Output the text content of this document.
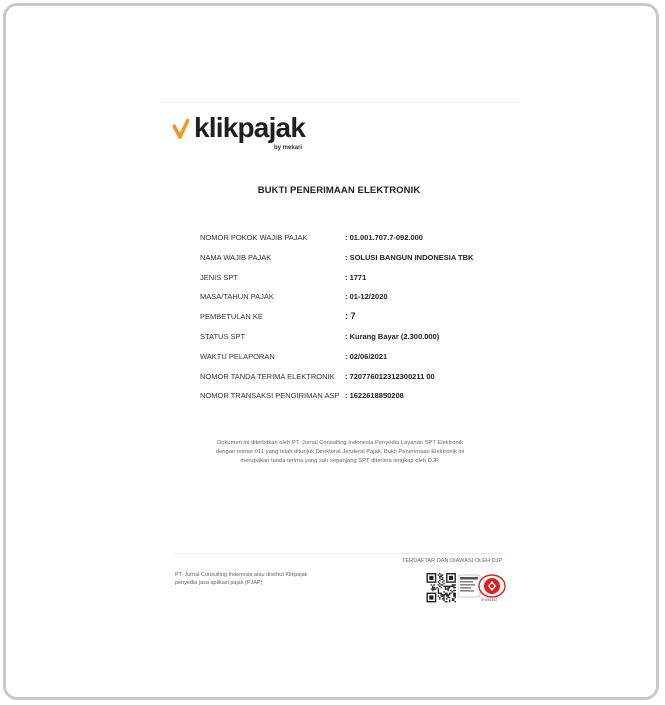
klikpajak
by mekari
BUKTI PENERIMAAN ELEKTRONIK
NOMOR POKOK WAJIB PAJAK	: 01.001.707.7-092.000
NAMA WAJIB PAJAK	: SOLUSI BANGUN INDONESIA TBK
JENIS SPT	: 1771
MASA/TAHUN PAJAK	: 01-12/2020
PEMBETULAN KE	: 7
STATUS SPT	: Kurang Bayar (2.300.000)
WAKTU PELAPORAN	: 02/06/2021
NOMOR TANDA TERIMA ELEKTRONIK : 720776012312300211 00
NOMOR TRANSAKSI PENGIRIMAN ASP : 1622618850208
Dokumen ini diterbitkan oleh PT. Jurnal Consulting Indonesia Penyedia Layanan SPT Elektronik
dengan nomor 011 yang telah ditunjuk Direktorat Jenderal Pajak. Bukti Penerimaan Elektronik ini
merupakan tanda terima yang sah sepanjang SPT diterima lengkap oleh DJP.
PT. Jurnal Consulting Indonesia atau disebut Klikpajak
penyedia jasa aplikasi pajak (PJAP)
TERDAFTAR DAN DIAWASI OLEH DJP
IS 694453
